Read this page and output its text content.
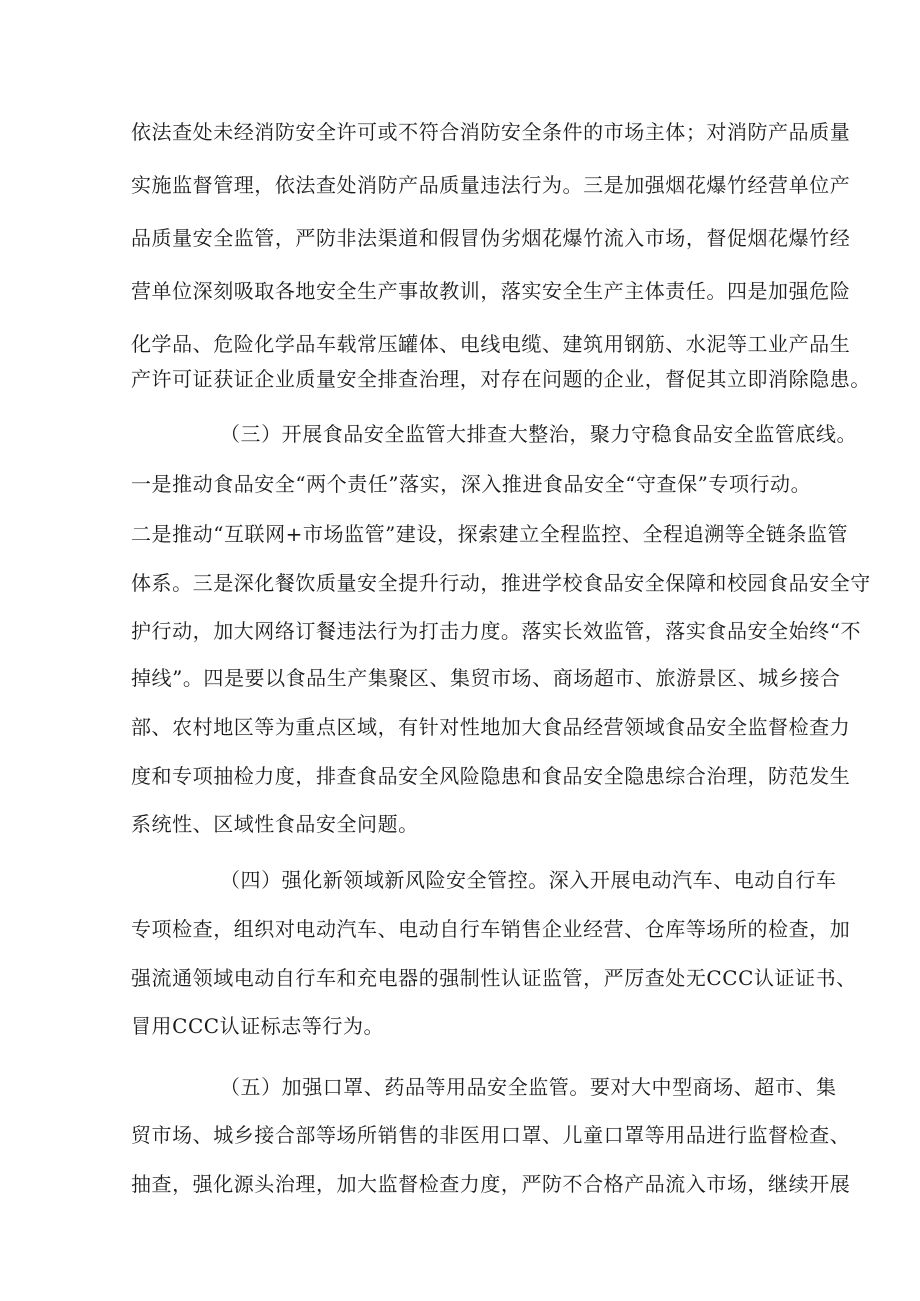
依法查处未经消防安全许可或不符合消防安全条件的市场主体；对消防产品质量

实施监督管理，依法查处消防产品质量违法行为。三是加强烟花爆竹经营单位产

品质量安全监管，严防非法渠道和假冒伪劣烟花爆竹流入市场，督促烟花爆竹经

营单位深刻吸取各地安全生产事故教训，落实安全生产主体责任。四是加强危险

化学品、危险化学品车载常压罐体、电线电缆、建筑用钢筋、水泥等工业产品生

产许可证获证企业质量安全排查治理，对存在问题的企业，督促其立即消除隐患。

（三）开展食品安全监管大排查大整治，聚力守稳食品安全监管底线。

一是推动食品安全“两个责任”落实，深入推进食品安全“守查保”专项行动。

二是推动“互联网+市场监管”建设，探索建立全程监控、全程追溯等全链条监管

体系。三是深化餐饮质量安全提升行动，推进学校食品安全保障和校园食品安全守

护行动，加大网络订餐违法行为打击力度。落实长效监管，落实食品安全始终“不

掉线”。四是要以食品生产集聚区、集贸市场、商场超市、旅游景区、城乡接合

部、农村地区等为重点区域，有针对性地加大食品经营领域食品安全监督检查力

度和专项抽检力度，排查食品安全风险隐患和食品安全隐患综合治理，防范发生

系统性、区域性食品安全问题。

（四）强化新领域新风险安全管控。深入开展电动汽车、电动自行车

专项检查，组织对电动汽车、电动自行车销售企业经营、仓库等场所的检查，加

强流通领域电动自行车和充电器的强制性认证监管，严厉查处无CCC认证证书、

冒用CCC认证标志等行为。

（五）加强口罩、药品等用品安全监管。要对大中型商场、超市、集

贸市场、城乡接合部等场所销售的非医用口罩、儿童口罩等用品进行监督检查、

抽查，强化源头治理，加大监督检查力度，严防不合格产品流入市场，继续开展
